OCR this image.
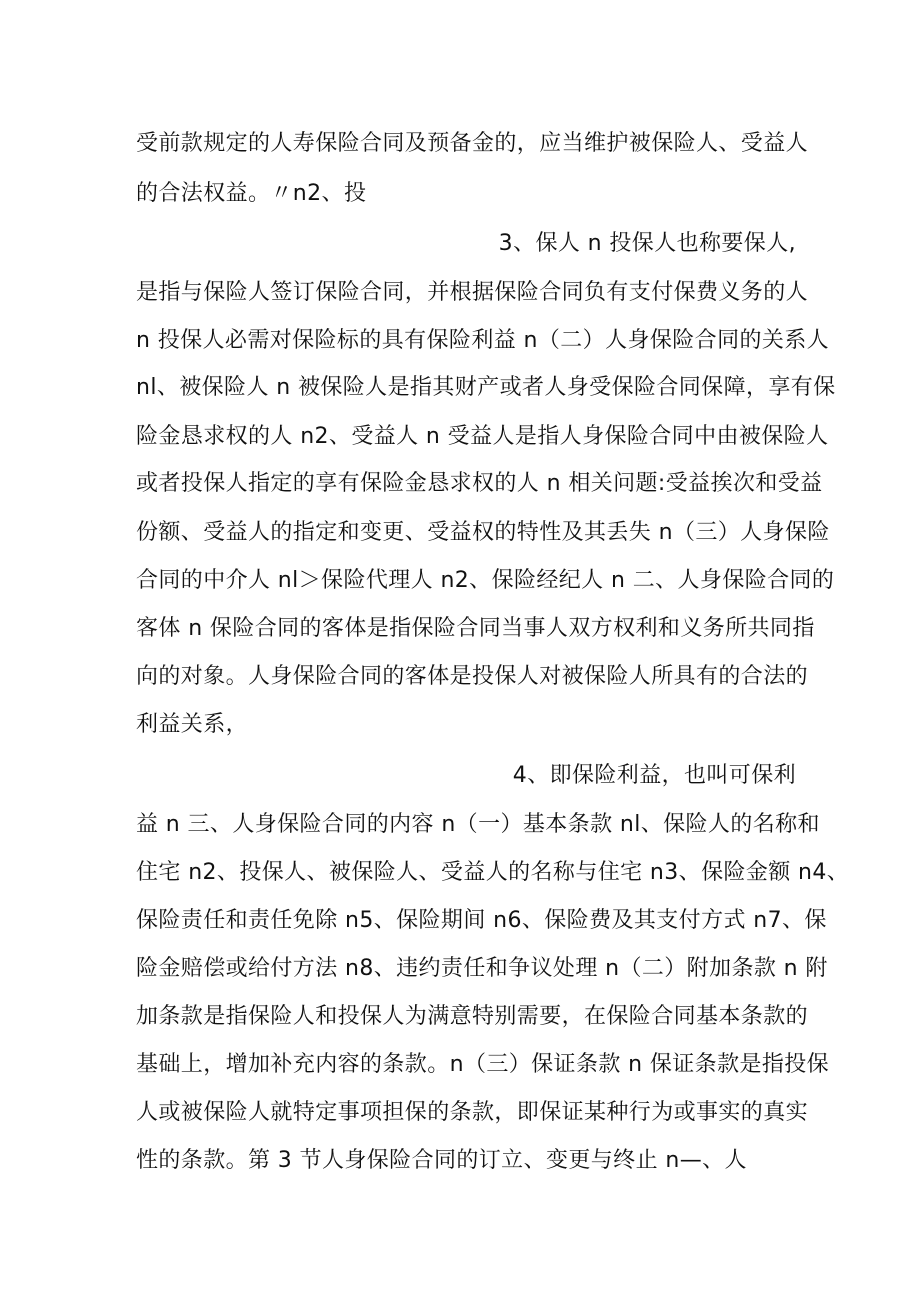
受前款规定的人寿保险合同及预备金的，应当维护被保险人、受益人
的合法权益。〃n2、投
3、保人 n 投保人也称要保人,
是指与保险人签订保险合同，并根据保险合同负有支付保费义务的人
n 投保人必需对保险标的具有保险利益 n（二）人身保险合同的关系人
nl、被保险人 n 被保险人是指其财产或者人身受保险合同保障，享有保
险金恳求权的人 n2、受益人 n 受益人是指人身保险合同中由被保险人
或者投保人指定的享有保险金恳求权的人 n 相关问题:受益挨次和受益
份额、受益人的指定和变更、受益权的特性及其丢失 n（三）人身保险
合同的中介人 nl＞保险代理人 n2、保险经纪人 n 二、人身保险合同的
客体 n 保险合同的客体是指保险合同当事人双方权利和义务所共同指
向的对象。人身保险合同的客体是投保人对被保险人所具有的合法的
利益关系，
4、即保险利益，也叫可保利
益 n 三、人身保险合同的内容 n（一）基本条款 nl、保险人的名称和
住宅 n2、投保人、被保险人、受益人的名称与住宅 n3、保险金额 n4、
保险责任和责任免除 n5、保险期间 n6、保险费及其支付方式 n7、保
险金赔偿或给付方法 n8、违约责任和争议处理 n（二）附加条款 n 附
加条款是指保险人和投保人为满意特别需要，在保险合同基本条款的
基础上，增加补充内容的条款。n（三）保证条款 n 保证条款是指投保
人或被保险人就特定事项担保的条款，即保证某种行为或事实的真实
性的条款。第 3 节人身保险合同的订立、变更与终止 n—、人
